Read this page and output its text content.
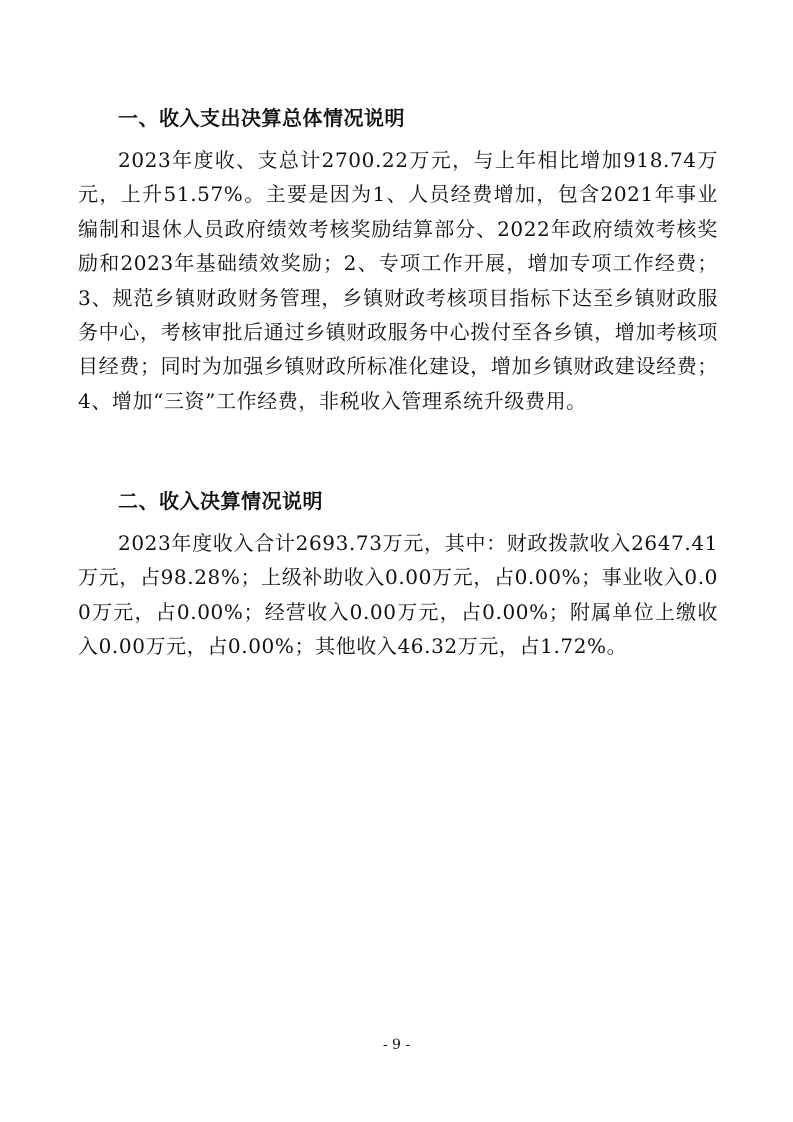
一、收入支出决算总体情况说明
2023年度收、支总计2700.22万元，与上年相比增加918.74万元，上升51.57%。主要是因为1、人员经费增加，包含2021年事业编制和退休人员政府绩效考核奖励结算部分、2022年政府绩效考核奖励和2023年基础绩效奖励；2、专项工作开展，增加专项工作经费；3、规范乡镇财政财务管理，乡镇财政考核项目指标下达至乡镇财政服务中心，考核审批后通过乡镇财政服务中心拨付至各乡镇，增加考核项目经费；同时为加强乡镇财政所标准化建设，增加乡镇财政建设经费；4、增加“三资”工作经费，非税收入管理系统升级费用。
二、收入决算情况说明
2023年度收入合计2693.73万元，其中：财政拨款收入2647.41万元，占98.28%；上级补助收入0.00万元，占0.00%；事业收入0.00万元，占0.00%；经营收入0.00万元，占0.00%；附属单位上缴收入0.00万元，占0.00%；其他收入46.32万元，占1.72%。
- 9 -
